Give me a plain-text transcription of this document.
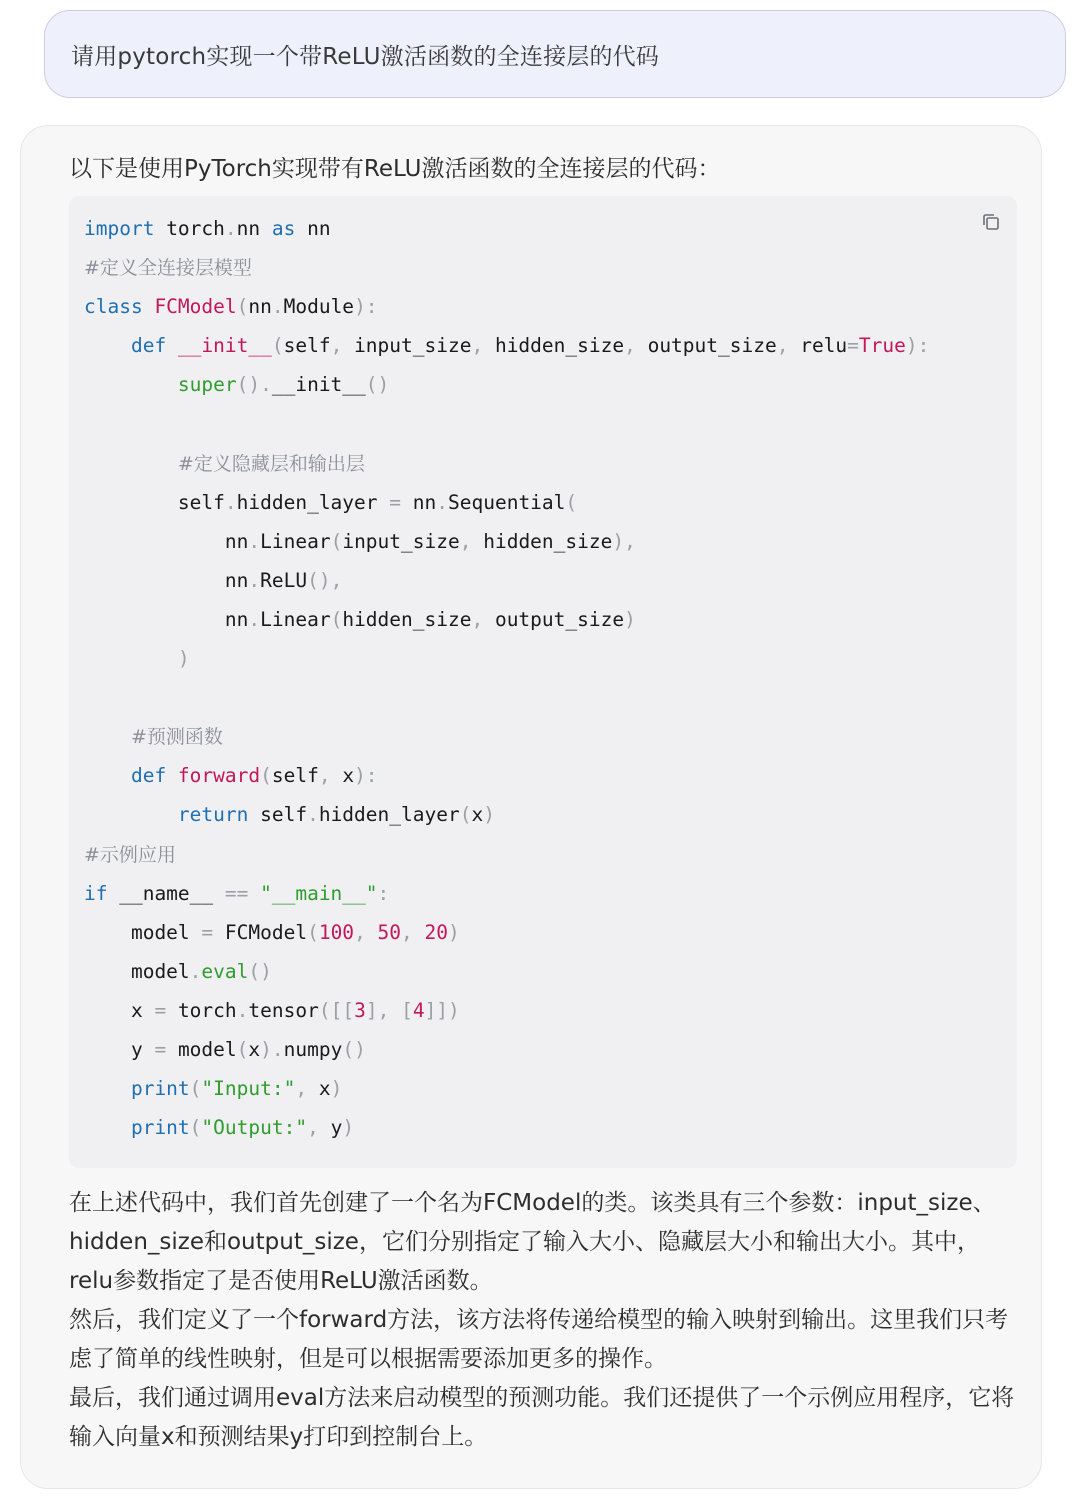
请用pytorch实现一个带ReLU激活函数的全连接层的代码
以下是使用PyTorch实现带有ReLU激活函数的全连接层的代码：
import torch.nn as nn
#定义全连接层模型
class FCModel(nn.Module):
def __init__(self, input_size, hidden_size, output_size, relu=True):
super().__init__()
#定义隐藏层和输出层
self.hidden_layer = nn.Sequential(
nn.Linear(input_size, hidden_size),
nn.ReLU(),
nn.Linear(hidden_size, output_size)
)
#预测函数
def forward(self, x):
return self.hidden_layer(x)
#示例应用
if __name__ == "__main__":
model = FCModel(100, 50, 20)
model.eval()
x = torch.tensor([[3], [4]])
y = model(x).numpy()
print("Input:", x)
print("Output:", y)

在上述代码中，我们首先创建了一个名为FCModel的类。该类具有三个参数：input_size、hidden_size和output_size，它们分别指定了输入大小、隐藏层大小和输出大小。其中，relu参数指定了是否使用ReLU激活函数。

然后，我们定义了一个forward方法，该方法将传递给模型的输入映射到输出。这里我们只考虑了简单的线性映射，但是可以根据需要添加更多的操作。

最后，我们通过调用eval方法来启动模型的预测功能。我们还提供了一个示例应用程序，它将输入向量x和预测结果y打印到控制台上。
